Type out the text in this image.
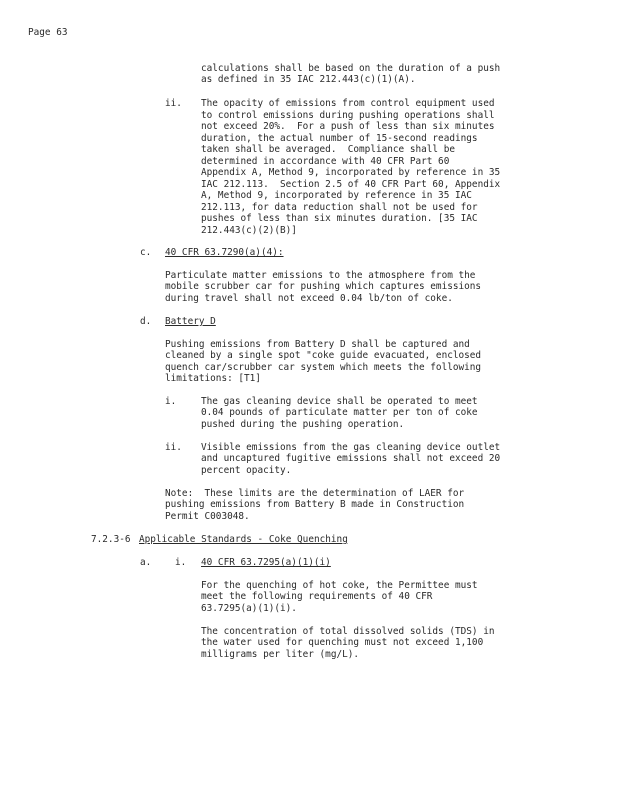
Page 63
calculations shall be based on the duration of a push
as defined in 35 IAC 212.443(c)(1)(A).
ii. The opacity of emissions from control equipment used
to control emissions during pushing operations shall
not exceed 20%.  For a push of less than six minutes
duration, the actual number of 15-second readings
taken shall be averaged.  Compliance shall be
determined in accordance with 40 CFR Part 60
Appendix A, Method 9, incorporated by reference in 35
IAC 212.113.  Section 2.5 of 40 CFR Part 60, Appendix
A, Method 9, incorporated by reference in 35 IAC
212.113, for data reduction shall not be used for
pushes of less than six minutes duration. [35 IAC
212.443(c)(2)(B)]
c. 40 CFR 63.7290(a)(4):
Particulate matter emissions to the atmosphere from the
mobile scrubber car for pushing which captures emissions
during travel shall not exceed 0.04 lb/ton of coke.
d. Battery D
Pushing emissions from Battery D shall be captured and
cleaned by a single spot "coke guide evacuated, enclosed
quench car/scrubber car system which meets the following
limitations: [T1]
i.	The gas cleaning device shall be operated to meet
0.04 pounds of particulate matter per ton of coke
pushed during the pushing operation.
ii. Visible emissions from the gas cleaning device outlet
and uncaptured fugitive emissions shall not exceed 20
percent opacity.
Note:  These limits are the determination of LAER for
pushing emissions from Battery B made in Construction
Permit C003048.
7.2.3-6 Applicable Standards - Coke Quenching
a.	i. 40 CFR 63.7295(a)(1)(i)
For the quenching of hot coke, the Permittee must
meet the following requirements of 40 CFR
63.7295(a)(1)(i).
The concentration of total dissolved solids (TDS) in
the water used for quenching must not exceed 1,100
milligrams per liter (mg/L).
